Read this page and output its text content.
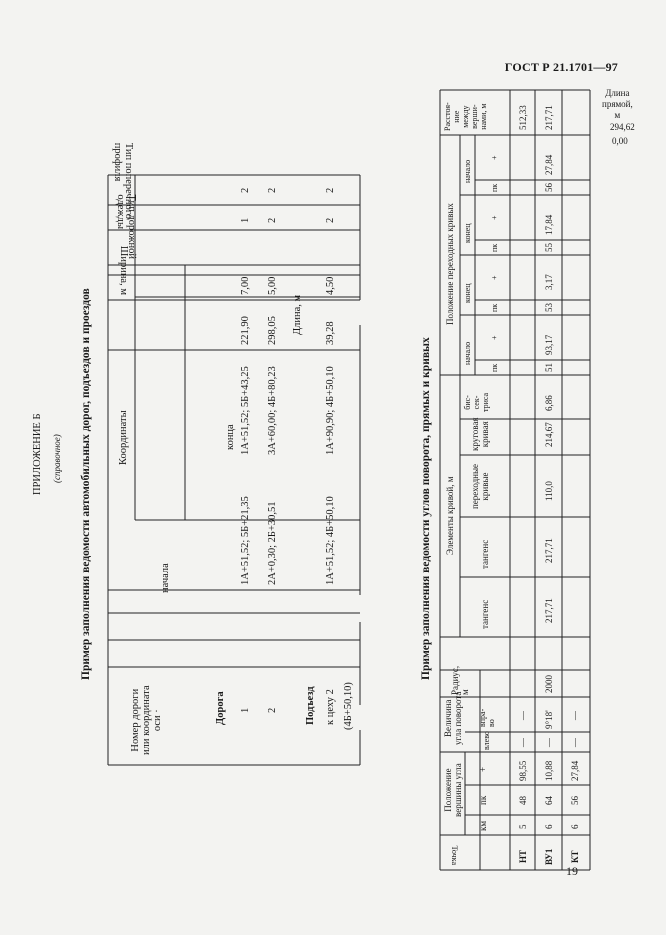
ГОСТ Р 21.1701—97
19
ПРИЛОЖЕНИЕ Б (справочное) Пример заполнения ведомости автомобильных дорог, подъездов и проездов
Тип поперечного
профиля
Тип дорожной
одежды
Ширина, м
Длина, м
Координаты	конца
начала
Номер дороги или координата оси ·	Дорога 1 2
1А+51,52; 5Б+21,35 2А+0,30; 2Б+30,51
1А+51,52; 5Б+43,25 3А+60,00; 4Б+80,23
221,90 298,05
7,00 5,00
1 2
2 2
Подъезд к цеху 2 (4Б+50,10)
1А+51,52; 4Б+50,10
1А+90,90; 4Б+50,10
39,28
4,50
2
2
Пример заполнения ведомости углов поворота, прямых и кривых
Точка
Положение вершины угла
км
пк
+
Величина угла поворота влево
впра- во
Радиус, м
Элементы кривой, м
тангенс
тангенс
переходные кривые
круговая кривая
бис- сек- триса
Положение переходных кривых
начало
конец
конец
начало
пк
+
пк
+
пк
+
пк
+
Расстоя- ние между верши- нами, м
НТ
5
48
98,55
—
—
512,33
ВУ1
6
64
10,88
—
9°18'
2000
217,71
217,71
110,0
214,67
6,86
51
93,17
53
3,17
55
17,84
56
27,84
217,71
КТ
6
56
27,84
—
—
Длина
прямой,
м
294,62
0,00
